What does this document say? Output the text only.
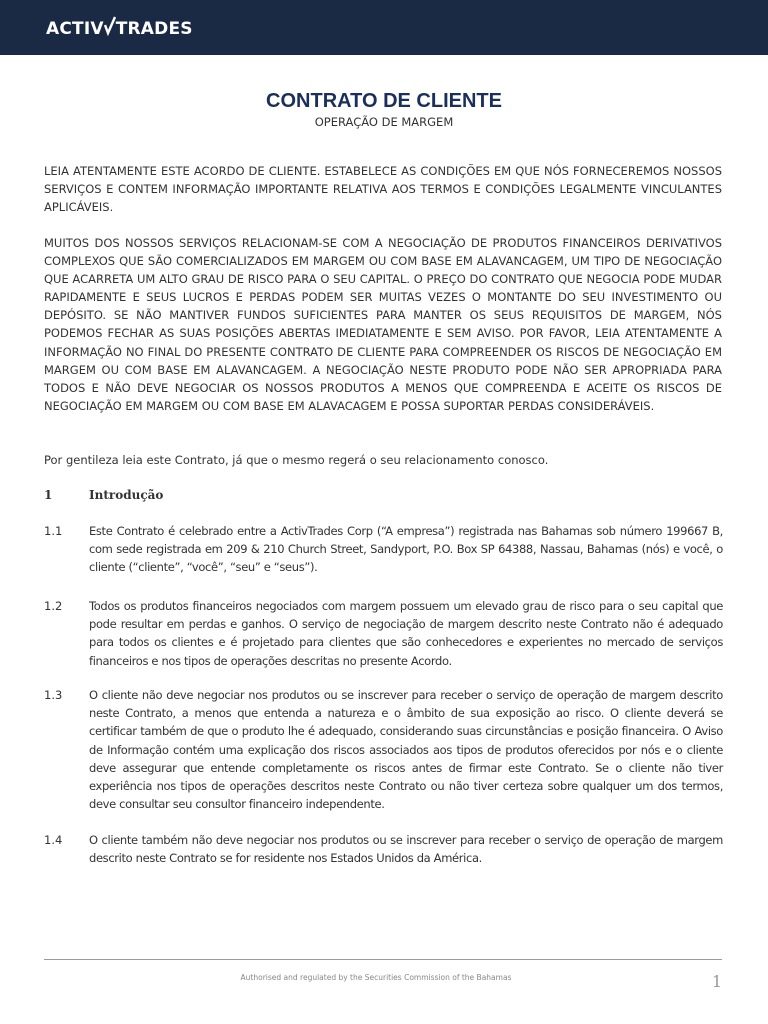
ACTIV TRADES
CONTRATO DE CLIENTE
OPERAÇÃO DE MARGEM
LEIA ATENTAMENTE ESTE ACORDO DE CLIENTE. ESTABELECE AS CONDIÇÕES EM QUE NÓS FORNECEREMOS NOSSOS SERVIÇOS E CONTEM INFORMAÇÃO IMPORTANTE RELATIVA AOS TERMOS E CONDIÇÕES LEGALMENTE VINCULANTES APLICÁVEIS.
MUITOS DOS NOSSOS SERVIÇOS RELACIONAM-SE COM A NEGOCIAÇÃO DE PRODUTOS FINANCEIROS DERIVATIVOS COMPLEXOS QUE SÃO COMERCIALIZADOS EM MARGEM OU COM BASE EM ALAVANCAGEM, UM TIPO DE NEGOCIAÇÃO QUE ACARRETA UM ALTO GRAU DE RISCO PARA O SEU CAPITAL. O PREÇO DO CONTRATO QUE NEGOCIA PODE MUDAR RAPIDAMENTE E SEUS LUCROS E PERDAS PODEM SER MUITAS VEZES O MONTANTE DO SEU INVESTIMENTO OU DEPÓSITO. SE NÃO MANTIVER FUNDOS SUFICIENTES PARA MANTER OS SEUS REQUISITOS DE MARGEM, NÓS PODEMOS FECHAR AS SUAS POSIÇÕES ABERTAS IMEDIATAMENTE E SEM AVISO. POR FAVOR, LEIA ATENTAMENTE A INFORMAÇÃO NO FINAL DO PRESENTE CONTRATO DE CLIENTE PARA COMPREENDER OS RISCOS DE NEGOCIAÇÃO EM MARGEM OU COM BASE EM ALAVANCAGEM. A NEGOCIAÇÃO NESTE PRODUTO PODE NÃO SER APROPRIADA PARA TODOS E NÃO DEVE NEGOCIAR OS NOSSOS PRODUTOS A MENOS QUE COMPREENDA E ACEITE OS RISCOS DE NEGOCIAÇÃO EM MARGEM OU COM BASE EM ALAVACAGEM E POSSA SUPORTAR PERDAS CONSIDERÁVEIS.
Por gentileza leia este Contrato, já que o mesmo regerá o seu relacionamento conosco.
1	Introdução
1.1	Este Contrato é celebrado entre a ActivTrades Corp (“A empresa”) registrada nas Bahamas sob número 199667 B, com sede registrada em 209 & 210 Church Street, Sandyport, P.O. Box SP 64388, Nassau, Bahamas (nós) e você, o cliente (“cliente”, “você”, “seu” e “seus”).
1.2	Todos os produtos financeiros negociados com margem possuem um elevado grau de risco para o seu capital que pode resultar em perdas e ganhos. O serviço de negociação de margem descrito neste Contrato não é adequado para todos os clientes e é projetado para clientes que são conhecedores e experientes no mercado de serviços financeiros e nos tipos de operações descritas no presente Acordo.
1.3	O cliente não deve negociar nos produtos ou se inscrever para receber o serviço de operação de margem descrito neste Contrato, a menos que entenda a natureza e o âmbito de sua exposição ao risco. O cliente deverá se certificar também de que o produto lhe é adequado, considerando suas circunstâncias e posição financeira. O Aviso de Informação contém uma explicação dos riscos associados aos tipos de produtos oferecidos por nós e o cliente deve assegurar que entende completamente os riscos antes de firmar este Contrato. Se o cliente não tiver experiência nos tipos de operações descritos neste Contrato ou não tiver certeza sobre qualquer um dos termos, deve consultar seu consultor financeiro independente.
1.4	O cliente também não deve negociar nos produtos ou se inscrever para receber o serviço de operação de margem descrito neste Contrato se for residente nos Estados Unidos da América.
Authorised and regulated by the Securities Commission of the Bahamas	1
